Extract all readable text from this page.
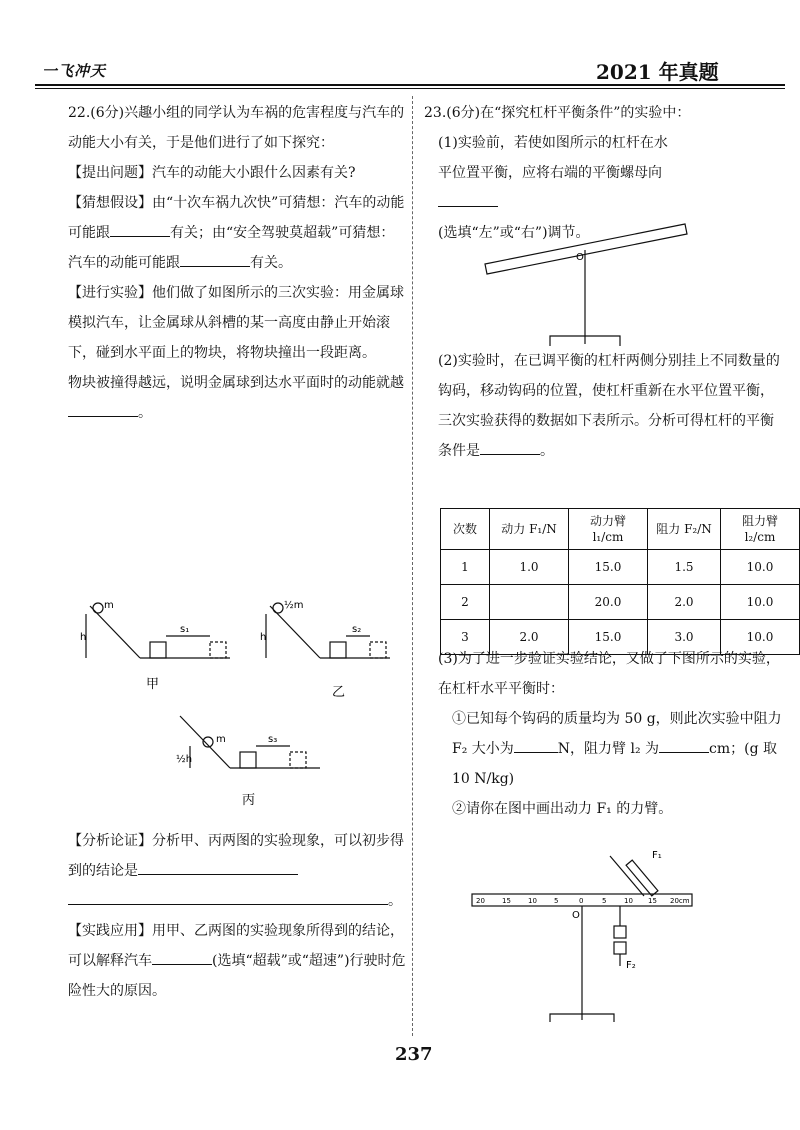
一飞冲天	2021 年真题

22.(6分)兴趣小组的同学认为车祸的危害程度与汽车的动能大小有关，于是他们进行了如下探究：

【提出问题】汽车的动能大小跟什么因素有关?

【猜想假设】由“十次车祸九次快”可猜想：汽车的动能可能跟	有关；由“安全驾驶莫超载”可猜想：汽车的动能可能跟	有关。

【进行实验】他们做了如图所示的三次实验：用金属球模拟汽车，让金属球从斜槽的某一高度由静止开始滚下，碰到水平面上的物块，将物块撞出一段距离。

物块被撞得越远，说明金属球到达水平面时的动能就越。

m
h
s₁
甲
½m
h
s₂
乙
m
½h
s₃
丙

【分析论证】分析甲、丙两图的实验现象，可以初步得到的结论是
。

【实践应用】用甲、乙两图的实验现象所得到的结论，可以解释汽车	(选填“超载”或“超速”)行驶时危险性大的原因。

23.(6分)在“探究杠杆平衡条件”的实验中：

(1)实验前，若使如图所示的杠杆在水平位置平衡，应将右端的平衡螺母向
(选填“左”或“右”)调节。

O

(2)实验时，在已调平衡的杠杆两侧分别挂上不同数量的钩码，移动钩码的位置，使杠杆重新在水平位置平衡，三次实验获得的数据如下表所示。分析可得杠杆的平衡条件是	。

次数	动力 F₁/N	动力臂 l₁/cm	阻力 F₂/N	阻力臂 l₂/cm
1	1.0	15.0	1.5	10.0
2		20.0	2.0	10.0
3	2.0	15.0	3.0	10.0

(3)为了进一步验证实验结论，又做了下图所示的实验，在杠杆水平平衡时：

①已知每个钩码的质量均为 50 g，则此次实验中阻力 F₂ 大小为	N，阻力臂 l₂ 为	cm；(g 取 10 N/kg)

②请你在图中画出动力 F₁ 的力臂。

20 15 10 5	0	5	10 15 20cm
O
F₁
F₂
237
